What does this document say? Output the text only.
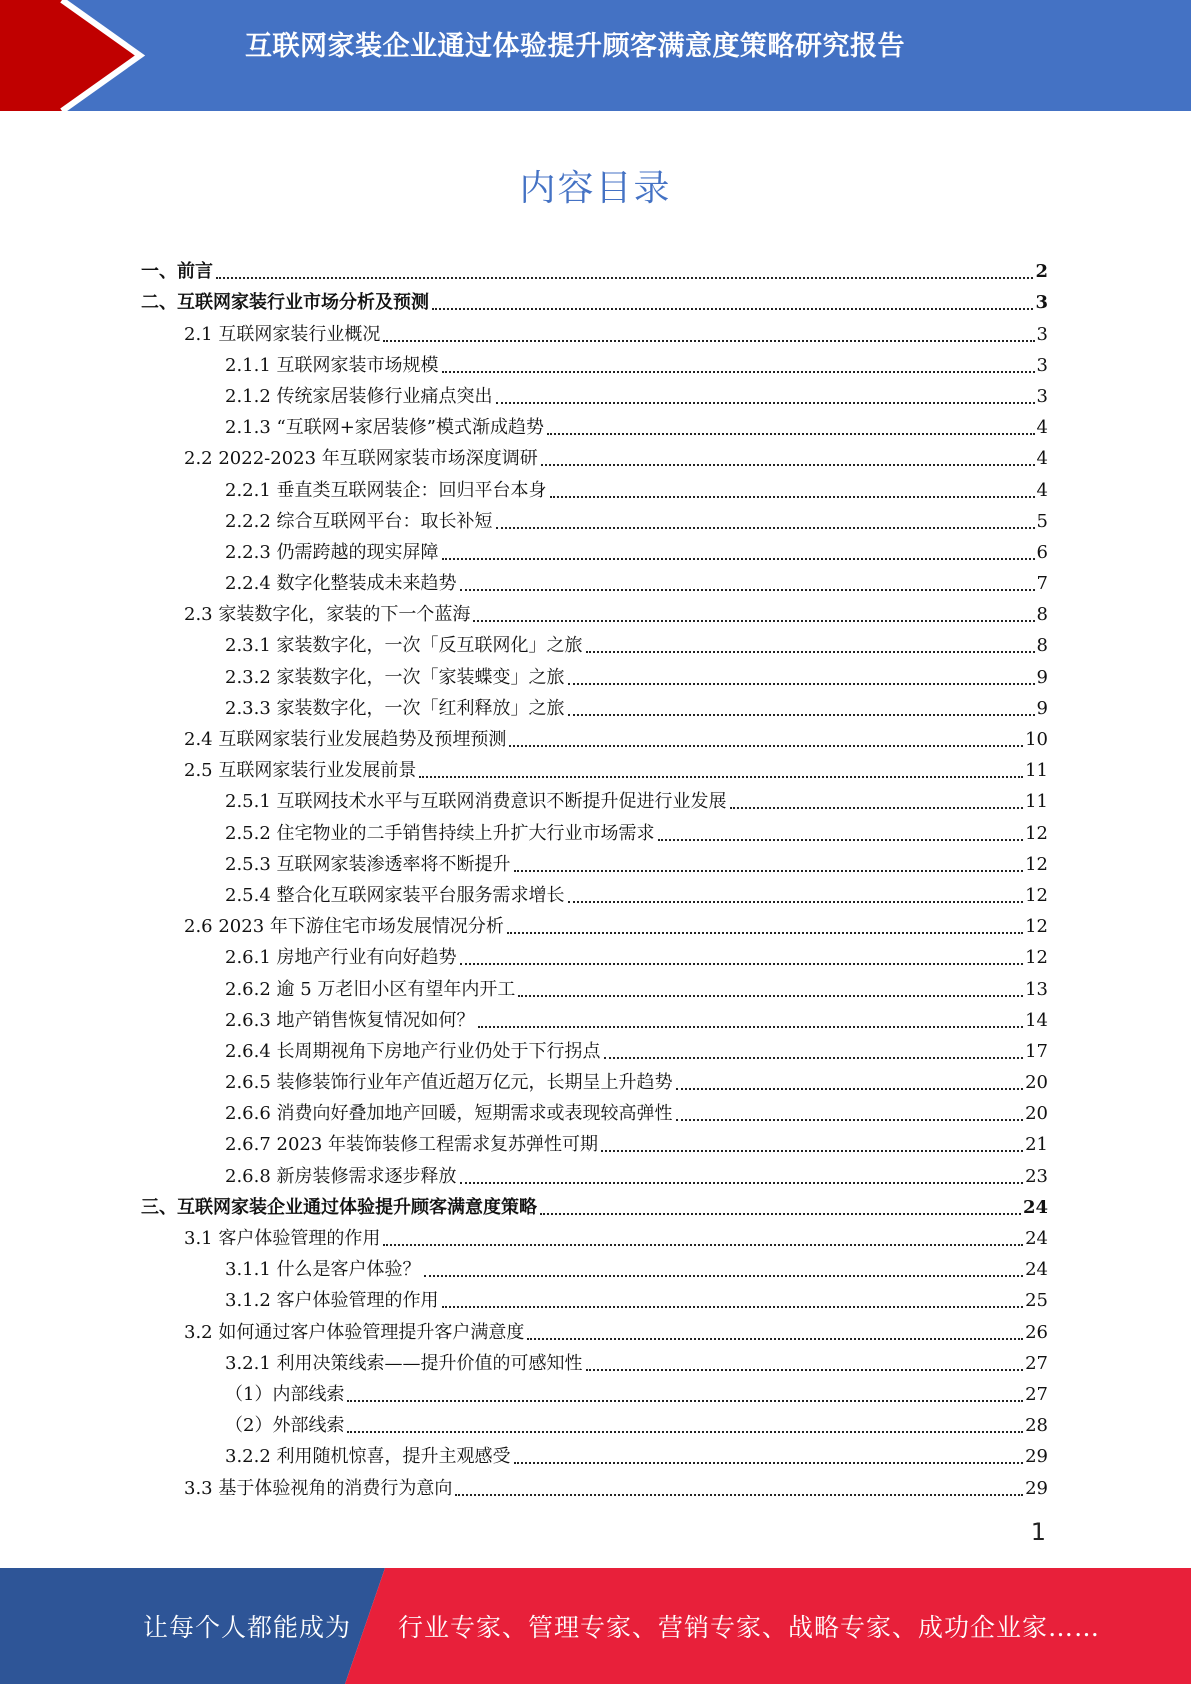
互联网家装企业通过体验提升顾客满意度策略研究报告
内容目录
一、前言	2
二、互联网家装行业市场分析及预测	3
2.1 互联网家装行业概况	3
2.1.1 互联网家装市场规模	3
2.1.2 传统家居装修行业痛点突出	3
2.1.3 “互联网+家居装修”模式渐成趋势	4
2.2 2022-2023 年互联网家装市场深度调研	4
2.2.1 垂直类互联网装企：回归平台本身	4
2.2.2 综合互联网平台：取长补短	5
2.2.3 仍需跨越的现实屏障	6
2.2.4 数字化整装成未来趋势	7
2.3 家装数字化，家装的下一个蓝海	8
2.3.1 家装数字化，一次「反互联网化」之旅	8
2.3.2 家装数字化，一次「家装蝶变」之旅	9
2.3.3 家装数字化，一次「红利释放」之旅	9
2.4 互联网家装行业发展趋势及预埋预测	10
2.5 互联网家装行业发展前景	11
2.5.1 互联网技术水平与互联网消费意识不断提升促进行业发展	11
2.5.2 住宅物业的二手销售持续上升扩大行业市场需求	12
2.5.3 互联网家装渗透率将不断提升	12
2.5.4 整合化互联网家装平台服务需求增长	12
2.6 2023 年下游住宅市场发展情况分析	12
2.6.1 房地产行业有向好趋势	12
2.6.2 逾 5 万老旧小区有望年内开工	13
2.6.3 地产销售恢复情况如何？	14
2.6.4 长周期视角下房地产行业仍处于下行拐点	17
2.6.5 装修装饰行业年产值近超万亿元，长期呈上升趋势	20
2.6.6 消费向好叠加地产回暖，短期需求或表现较高弹性	20
2.6.7 2023 年装饰装修工程需求复苏弹性可期	21
2.6.8 新房装修需求逐步释放	23
三、互联网家装企业通过体验提升顾客满意度策略	24
3.1 客户体验管理的作用	24
3.1.1 什么是客户体验？	24
3.1.2 客户体验管理的作用	25
3.2 如何通过客户体验管理提升客户满意度	26
3.2.1 利用决策线索——提升价值的可感知性	27
（1）内部线索	27
（2）外部线索	28
3.2.2 利用随机惊喜，提升主观感受	29
3.3 基于体验视角的消费行为意向	29
1
让每个人都能成为 行业专家、管理专家、营销专家、战略专家、成功企业家……
